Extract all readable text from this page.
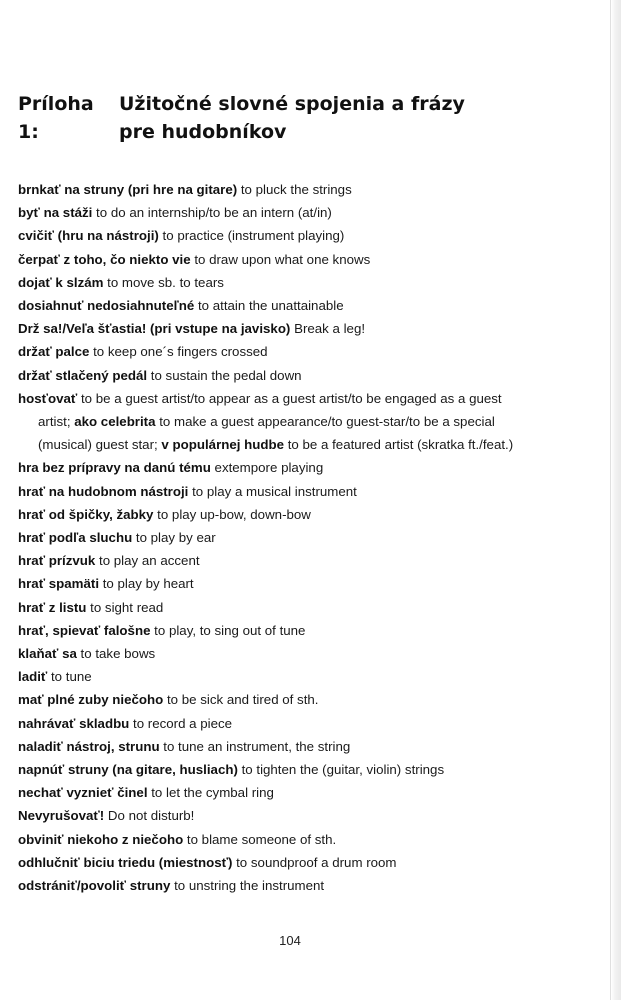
Príloha 1:
Užitočné slovné spojenia a frázy
pre hudobníkov
brnkať na struny (pri hre na gitare) to pluck the strings
byť na stáži to do an internship/to be an intern (at/in)
cvičiť (hru na nástroji) to practice (instrument playing)
čerpať z toho, čo niekto vie to draw upon what one knows
dojať k slzám to move sb. to tears
dosiahnuť nedosiahnuteľné to attain the unattainable
Drž sa!/Veľa šťastia! (pri vstupe na javisko) Break a leg!
držať palce to keep one´s fingers crossed
držať stlačený pedál to sustain the pedal down
hosťovať to be a guest artist/to appear as a guest artist/to be engaged as a guest
artist; ako celebrita to make a guest appearance/to guest-star/to be a special
(musical) guest star; v populárnej hudbe to be a featured artist (skratka ft./feat.)
hra bez prípravy na danú tému extempore playing
hrať na hudobnom nástroji to play a musical instrument
hrať od špičky, žabky to play up-bow, down-bow
hrať podľa sluchu to play by ear
hrať prízvuk to play an accent
hrať spamäti to play by heart
hrať z listu to sight read
hrať, spievať falošne to play, to sing out of tune
klaňať sa to take bows
ladiť to tune
mať plné zuby niečoho to be sick and tired of sth.
nahrávať skladbu to record a piece
naladiť nástroj, strunu to tune an instrument, the string
napnúť struny (na gitare, husliach) to tighten the (guitar, violin) strings
nechať vyznieť činel to let the cymbal ring
Nevyrušovať! Do not disturb!
obviniť niekoho z niečoho to blame someone of sth.
odhlučniť biciu triedu (miestnosť) to soundproof a drum room
odstrániť/povoliť struny to unstring the instrument
104
